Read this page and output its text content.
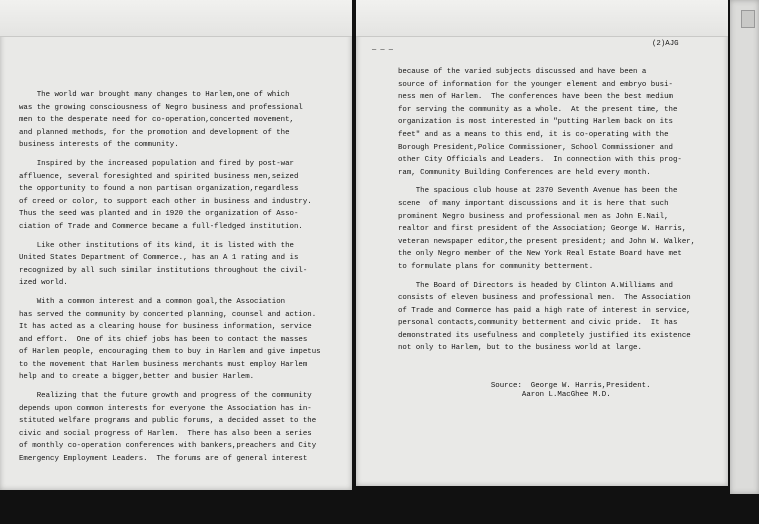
The world war brought many changes to Harlem,one of which
was the growing consciousness of Negro business and professional
men to the desperate need for co-operation,concerted movement,
and planned methods, for the promotion and development of the
business interests of the community.
Inspired by the increased population and fired by post-war
affluence, several foresighted and spirited business men,seized
the opportunity to found a non partisan organization,regardless
of creed or color, to support each other in business and industry.
Thus the seed was planted and in 1920 the organization of Asso-
ciation of Trade and Commerce became a full-fledged institution.
Like other institutions of its kind, it is listed with the
United States Department of Commerce., has an A 1 rating and is
recognized by all such similar institutions throughout the civil-
ized world.
With a common interest and a common goal,the Association
has served the community by concerted planning, counsel and action.
It has acted as a clearing house for business information, service
and effort.  One of its chief jobs has been to contact the masses
of Harlem people, encouraging them to buy in Harlem and give impetus
to the movement that Harlem business merchants must employ Harlem
help and to create a bigger,better and busier Harlem.
Realizing that the future growth and progress of the community
depends upon common interests for everyone the Association has in-
stituted welfare programs and public forums, a decided asset to the
civic and social progress of Harlem.  There has also been a series
of monthly co-operation conferences with bankers,preachers and City
Emergency Employment Leaders.  The forums are of general interest
— — —
(2)AJG
because of the varied subjects discussed and have been a
source of information for the younger element and embryo busi-
ness men of Harlem.  The conferences have been the best medium
for serving the community as a whole.  At the present time, the
organization is most interested in "putting Harlem back on its
feet" and as a means to this end, it is co-operating with the
Borough President,Police Commissioner, School Commissioner and
other City Officials and Leaders.  In connection with this prog-
ram, Community Building Conferences are held every month.
The spacious club house at 2370 Seventh Avenue has been the
scene  of many important discussions and it is here that such
prominent Negro business and professional men as John E.Nail,
realtor and first president of the Association; George W. Harris,
veteran newspaper editor,the present president; and John W. Walker,
the only Negro member of the New York Real Estate Board have met
to formulate plans for community betterment.
The Board of Directors is headed by Clinton A.Williams and
consists of eleven business and professional men.  The Association
of Trade and Commerce has paid a high rate of interest in service,
personal contacts,community betterment and civic pride.  It has
demonstrated its usefulness and completely justified its existence
not only to Harlem, but to the business world at large.

Source: George W. Harris,President.
Aaron L.MacGhee M.D.
